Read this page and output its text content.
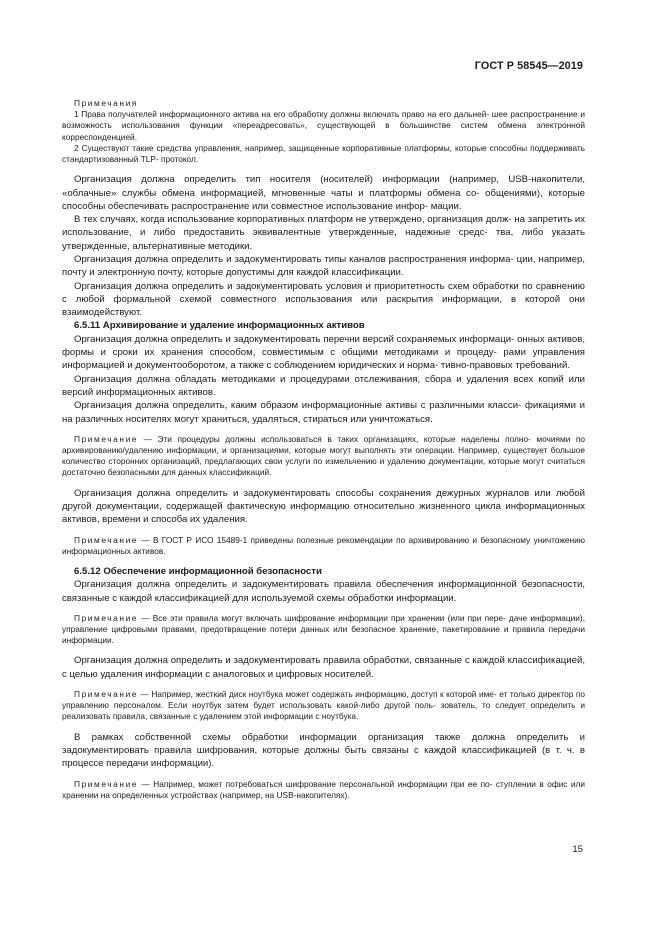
ГОСТ Р 58545—2019

Примечания

1 Права получателей информационного актива на его обработку должны включать право на его дальней- шее распространение и возможность использования функции «переадресовать», существующей в большинстве систем обмена электронной корреспонденцией.

2 Существуют такие средства управления, например, защищенные корпоративные платформы, которые способны поддерживать стандартизованный TLP- протокол.

Организация должна определить тип носителя (носителей) информации (например, USB-накопители, «облачные» службы обмена информацией, мгновенные чаты и платформы обмена со- общениями), которые способны обеспечивать распространение или совместное использование инфор- мации.

В тех случаях, когда использование корпоративных платформ не утверждено, организация долж- на запретить их использование, и либо предоставить эквивалентные утвержденные, надежные средс- тва, либо указать утвержденные, альтернативные методики.

Организация должна определить и задокументировать типы каналов распространения информа- ции, например, почту и электронную почту, которые допустимы для каждой классификации.

Организация должна определить и задокументировать условия и приоритетность схем обработки по сравнению с любой формальной схемой совместного использования или раскрытия информации, в которой они взаимодействуют.

6.5.11 Архивирование и удаление информационных активов

Организация должна определить и задокументировать перечни версий сохраняемых информаци- онных активов, формы и сроки их хранения способом, совместимым с общими методиками и процеду- рами управления информацией и документооборотом, а также с соблюдением юридических и норма- тивно-правовых требований.

Организация должна обладать методиками и процедурами отслеживания, сбора и удаления всех копий или версий информационных активов.

Организация должна определить, каким образом информационные активы с различными класси- фикациями и на различных носителях могут храниться, удаляться, стираться или уничтожаться.

Примечание — Эти процедуры должны использоваться в таких организациях, которые наделены полно- мочиями по архивированию/удалению информации, и организациями, которые могут выполнять эти операции. Например, существует большое количество сторонних организаций, предлагающих свои услуги по измельчению и удалению документации, которые могут считаться достаточно безопасными для данных классификаций.

Организация должна определить и задокументировать способы сохранения дежурных журналов или любой другой документации, содержащей фактическую информацию относительно жизненного цикла информационных активов, времени и способа их удаления.

Примечание — В ГОСТ Р ИСО 15489-1 приведены полезные рекомендации по архивированию и безопасному уничтожению информационных активов.

6.5.12 Обеспечение информационной безопасности

Организация должна определить и задокументировать правила обеспечения информационной безопасности, связанные с каждой классификацией для используемой схемы обработки информации.

Примечание — Все эти правила могут включать шифрование информации при хранении (или при пере- даче информации), управление цифровыми правами, предотвращение потери данных или безопасное хранение, пакетирование и правила передачи информации.

Организация должна определить и задокументировать правила обработки, связанные с каждой классификацией, с целью удаления информации с аналоговых и цифровых носителей.

Примечание — Например, жесткий диск ноутбука может содержать информацию, доступ к которой име- ет только директор по управлению персоналом. Если ноутбук затем будет использовать какой-либо другой поль- зователь, то следует определить и реализовать правила, связанные с удалением этой информации с ноутбука.

В рамках собственной схемы обработки информации организация также должна определить и задокументировать правила шифрования, которые должны быть связаны с каждой классификацией (в т. ч. в процессе передачи информации).

Примечание — Например, может потребоваться шифрование персональной информации при ее по- ступлении в офис или хранении на определенных устройствах (например, на USB-накопителях).

15
